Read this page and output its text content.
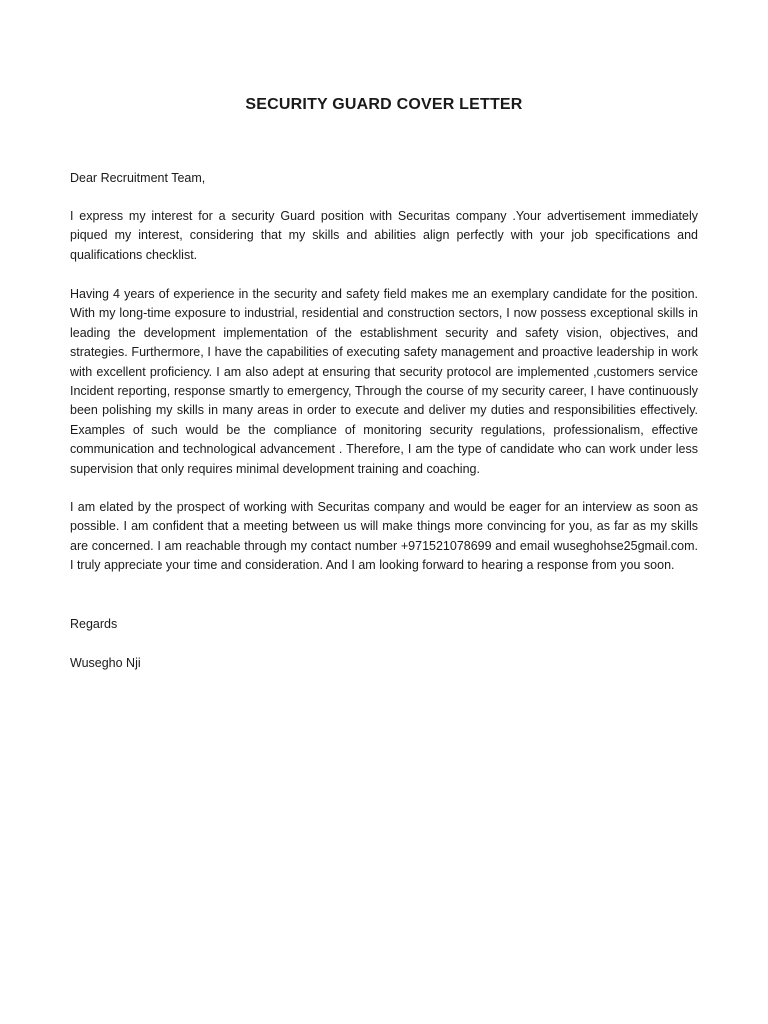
SECURITY GUARD COVER LETTER

Dear Recruitment Team,

I express my interest for a security Guard position with Securitas company .Your advertisement immediately piqued my interest, considering that my skills and abilities align perfectly with your job specifications and qualifications checklist.

Having 4 years of experience in the security and safety field makes me an exemplary candidate for the position. With my long-time exposure to industrial, residential and construction sectors, I now possess exceptional skills in leading the development implementation of the establishment security and safety vision, objectives, and strategies. Furthermore, I have the capabilities of executing safety management and proactive leadership in work with excellent proficiency. I am also adept at ensuring that security protocol are implemented ,customers service Incident reporting, response smartly to emergency, Through the course of my security career, I have continuously been polishing my skills in many areas in order to execute and deliver my duties and responsibilities effectively. Examples of such would be the compliance of monitoring security regulations, professionalism, effective communication and technological advancement . Therefore, I am the type of candidate who can work under less supervision that only requires minimal development training and coaching.

I am elated by the prospect of working with Securitas company and would be eager for an interview as soon as possible. I am confident that a meeting between us will make things more convincing for you, as far as my skills are concerned. I am reachable through my contact number +971521078699 and email wuseghohse25gmail.com. I truly appreciate your time and consideration. And I am looking forward to hearing a response from you soon.

Regards

Wusegho Nji
